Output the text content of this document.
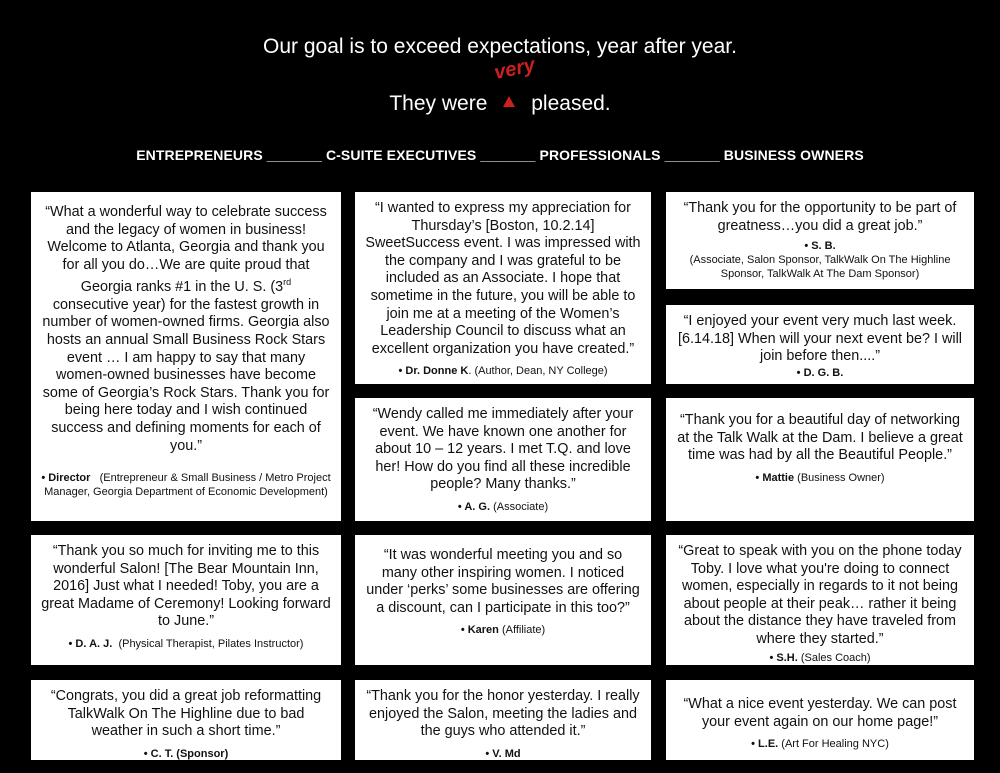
Our goal is to exceed expectations, year after year.
They were
very
pleased.
ENTREPRENEURS _______ C-SUITE EXECUTIVES _______ PROFESSIONALS _______ BUSINESS OWNERS

“What a wonderful way to celebrate success and the legacy of women in business! Welcome to Atlanta, Georgia and thank you for all you do…We are quite proud that Georgia ranks #1 in the U. S. (3rd consecutive year) for the fastest growth in number of women-owned firms. Georgia also hosts an annual Small Business Rock Stars event … I am happy to say that many women-owned businesses have become some of Georgia’s Rock Stars. Thank you for being here today and I wish continued success and defining moments for each of you.”

• Director (Entrepreneur & Small Business / Metro Project Manager, Georgia Department of Economic Development)

“I wanted to express my appreciation for Thursday’s [Boston, 10.2.14] SweetSuccess event. I was impressed with the company and I was grateful to be included as an Associate. I hope that sometime in the future, you will be able to join me at a meeting of the Women’s Leadership Council to discuss what an excellent organization you have created.”

• Dr. Donne K. (Author, Dean, NY College)

“Thank you for the opportunity to be part of greatness…you did a great job.”

• S. B.
(Associate, Salon Sponsor, TalkWalk On The Highline Sponsor, TalkWalk At The Dam Sponsor)

“I enjoyed your event very much last week. [6.14.18] When will your next event be? I will join before then....”

• D. G. B.

“Wendy called me immediately after your event. We have known one another for about 10 – 12 years. I met T.Q. and love her! How do you find all these incredible people? Many thanks.”

• A. G. (Associate)

“Thank you for a beautiful day of networking at the Talk Walk at the Dam. I believe a great time was had by all the Beautiful People.”

• Mattie (Business Owner)

“Thank you so much for inviting me to this wonderful Salon! [The Bear Mountain Inn, 2016] Just what I needed! Toby, you are a great Madame of Ceremony! Looking forward to June.”

• D. A. J. (Physical Therapist, Pilates Instructor)

“It was wonderful meeting you and so many other inspiring women. I noticed under ‘perks’ some businesses are offering a discount, can I participate in this too?”

• Karen (Affiliate)

“Great to speak with you on the phone today Toby. I love what you're doing to connect women, especially in regards to it not being about people at their peak… rather it being about the distance they have traveled from where they started.”

• S.H. (Sales Coach)

“Congrats, you did a great job reformatting TalkWalk On The Highline due to bad weather in such a short time.”

• C. T. (Sponsor)

“Thank you for the honor yesterday. I really enjoyed the Salon, meeting the ladies and the guys who attended it.”

• V. Md

“What a nice event yesterday. We can post your event again on our home page!”

• L.E. (Art For Healing NYC)
